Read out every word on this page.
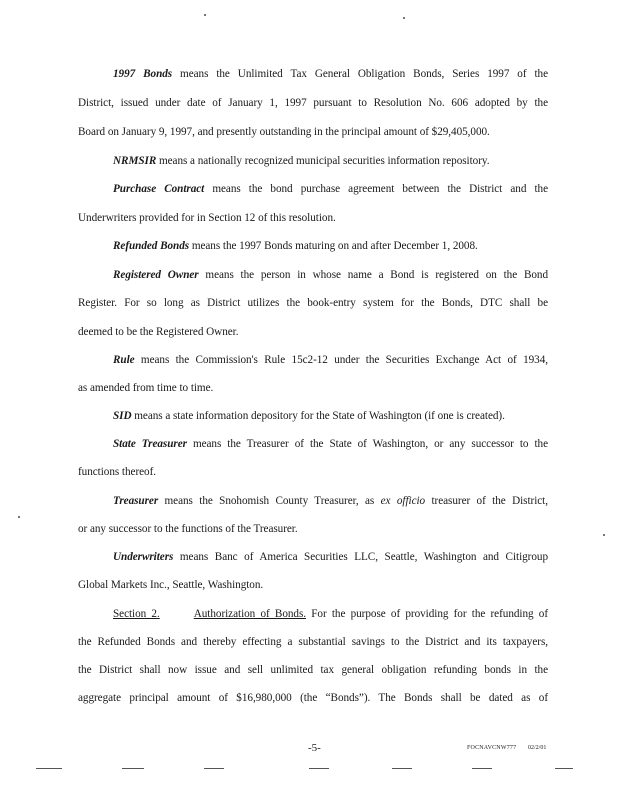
1997 Bonds means the Unlimited Tax General Obligation Bonds, Series 1997 of the
District, issued under date of January 1, 1997 pursuant to Resolution No. 606 adopted by the
Board on January 9, 1997, and presently outstanding in the principal amount of $29,405,000.
NRMSIR means a nationally recognized municipal securities information repository.
Purchase Contract means the bond purchase agreement between the District and the
Underwriters provided for in Section 12 of this resolution.
Refunded Bonds means the 1997 Bonds maturing on and after December 1, 2008.
Registered Owner means the person in whose name a Bond is registered on the Bond
Register. For so long as District utilizes the book-entry system for the Bonds, DTC shall be
deemed to be the Registered Owner.
Rule means the Commission's Rule 15c2-12 under the Securities Exchange Act of 1934,
as amended from time to time.
SID means a state information depository for the State of Washington (if one is created).
State Treasurer means the Treasurer of the State of Washington, or any successor to the
functions thereof.
Treasurer means the Snohomish County Treasurer, as ex officio treasurer of the District,
or any successor to the functions of the Treasurer.
Underwriters means Banc of America Securities LLC, Seattle, Washington and Citigroup
Global Markets Inc., Seattle, Washington.
Section 2.	Authorization of Bonds. For the purpose of providing for the refunding of
the Refunded Bonds and thereby effecting a substantial savings to the District and its taxpayers,
the District shall now issue and sell unlimited tax general obligation refunding bonds in the
aggregate principal amount of $16,980,000 (the “Bonds”). The Bonds shall be dated as of
-5-	FOCNAVCNW777 02/2/01
